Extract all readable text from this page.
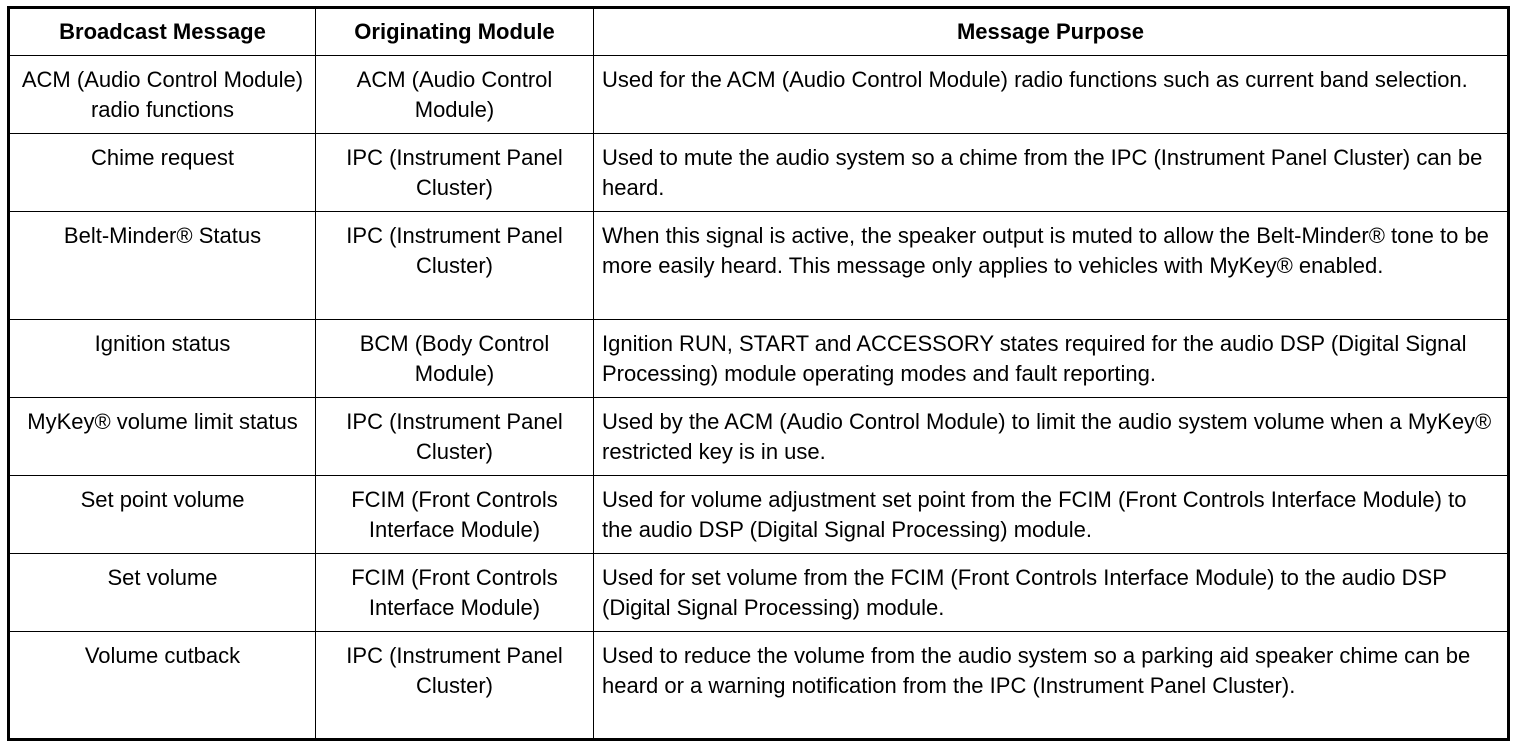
Broadcast Message	Originating Module	Message Purpose
ACM (Audio Control Module) radio functions	ACM (Audio Control Module)	Used for the ACM (Audio Control Module) radio functions such as current band selection.
Chime request	IPC (Instrument Panel Cluster)	Used to mute the audio system so a chime from the IPC (Instrument Panel Cluster) can be heard.
Belt-Minder® Status	IPC (Instrument Panel Cluster)	When this signal is active, the speaker output is muted to allow the Belt-Minder® tone to be more easily heard. This message only applies to vehicles with MyKey® enabled.
Ignition status	BCM (Body Control Module)	Ignition RUN, START and ACCESSORY states required for the audio DSP (Digital Signal Processing) module operating modes and fault reporting.
MyKey® volume limit status	IPC (Instrument Panel Cluster)	Used by the ACM (Audio Control Module) to limit the audio system volume when a MyKey® restricted key is in use.
Set point volume	FCIM (Front Controls Interface Module)	Used for volume adjustment set point from the FCIM (Front Controls Interface Module) to the audio DSP (Digital Signal Processing) module.
Set volume	FCIM (Front Controls Interface Module)	Used for set volume from the FCIM (Front Controls Interface Module) to the audio DSP (Digital Signal Processing) module.
Volume cutback	IPC (Instrument Panel Cluster)	Used to reduce the volume from the audio system so a parking aid speaker chime can be heard or a warning notification from the IPC (Instrument Panel Cluster).
